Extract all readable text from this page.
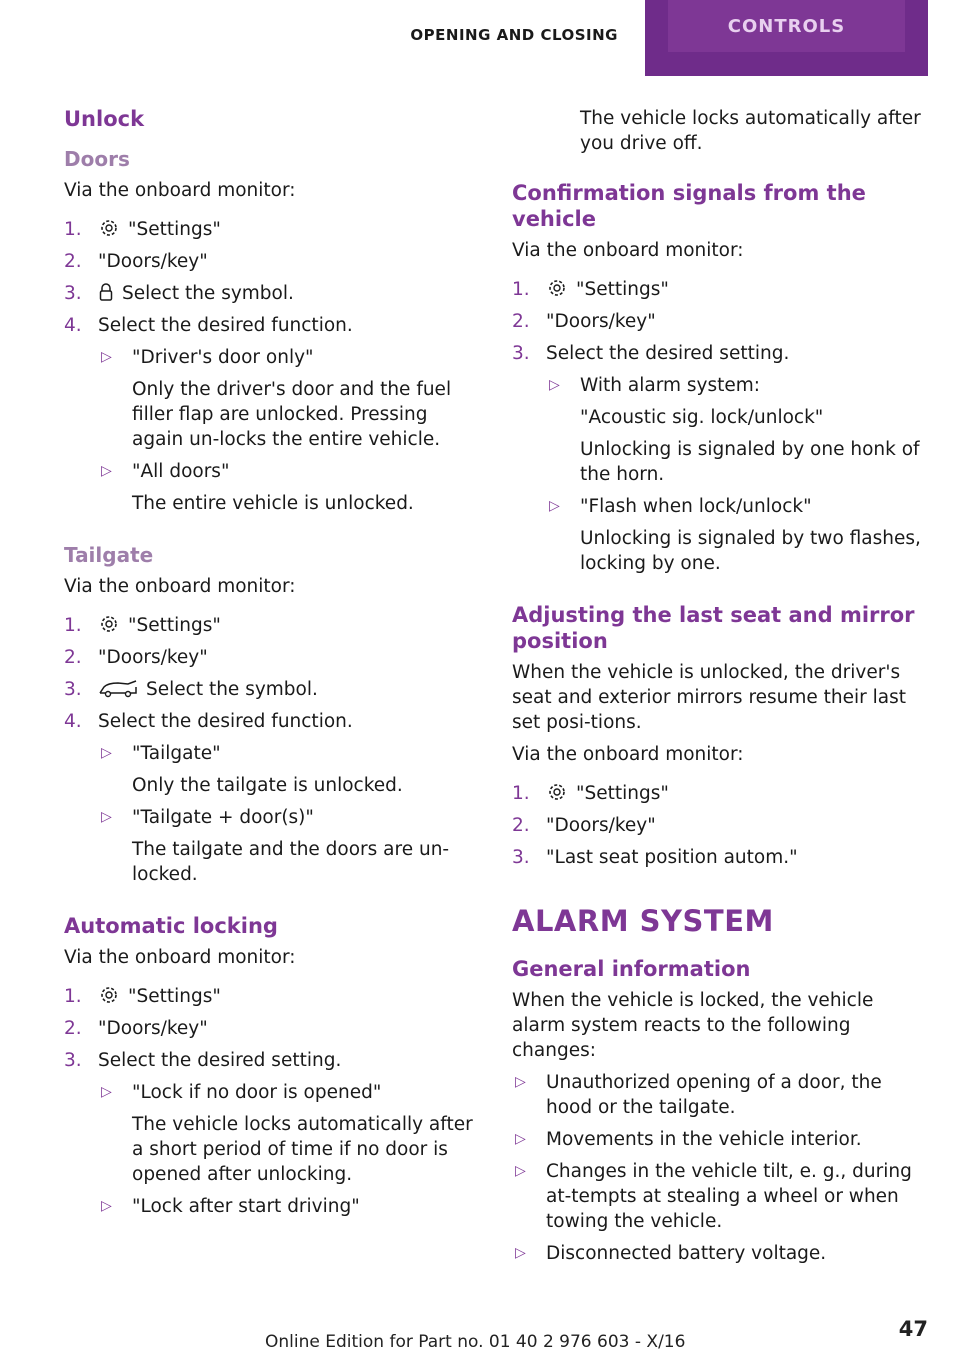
OPENING AND CLOSING	CONTROLS
Unlock
Doors

Via the onboard monitor:

1.	"Settings"
2. "Doors/key"
3. Select the symbol.
4. Select the desired function.
▷ "Driver's door only"
Only the driver's door and the fuel filler flap are unlocked. Pressing again un-locks the entire vehicle.
▷ "All doors"
The entire vehicle is unlocked.
Tailgate

Via the onboard monitor:

1.	"Settings"
2. "Doors/key"
3.	Select the symbol.
4. Select the desired function.
▷ "Tailgate"
Only the tailgate is unlocked.
▷ "Tailgate + door(s)"
The tailgate and the doors are un-locked.
Automatic locking

Via the onboard monitor:

1.	"Settings"
2. "Doors/key"
3. Select the desired setting.
▷ "Lock if no door is opened"
The vehicle locks automatically after a short period of time if no door is opened after unlocking.
▷ "Lock after start driving"

The vehicle locks automatically after you drive off.

Confirmation signals from the vehicle

Via the onboard monitor:

1.	"Settings"
2. "Doors/key"
3. Select the desired setting.
▷ With alarm system:
"Acoustic sig. lock/unlock"
Unlocking is signaled by one honk of the horn.
▷ "Flash when lock/unlock"
Unlocking is signaled by two flashes, locking by one.
Adjusting the last seat and mirror position

When the vehicle is unlocked, the driver's seat and exterior mirrors resume their last set posi-tions.

Via the onboard monitor:

1.	"Settings"
2. "Doors/key"
3. "Last seat position autom."
ALARM SYSTEM
General information

When the vehicle is locked, the vehicle alarm system reacts to the following changes:

▷ Unauthorized opening of a door, the hood or the tailgate.
▷ Movements in the vehicle interior.
▷ Changes in the vehicle tilt, e. g., during at-tempts at stealing a wheel or when towing the vehicle.
▷ Disconnected battery voltage.
Online Edition for Part no. 01 40 2 976 603 - X/16
47
